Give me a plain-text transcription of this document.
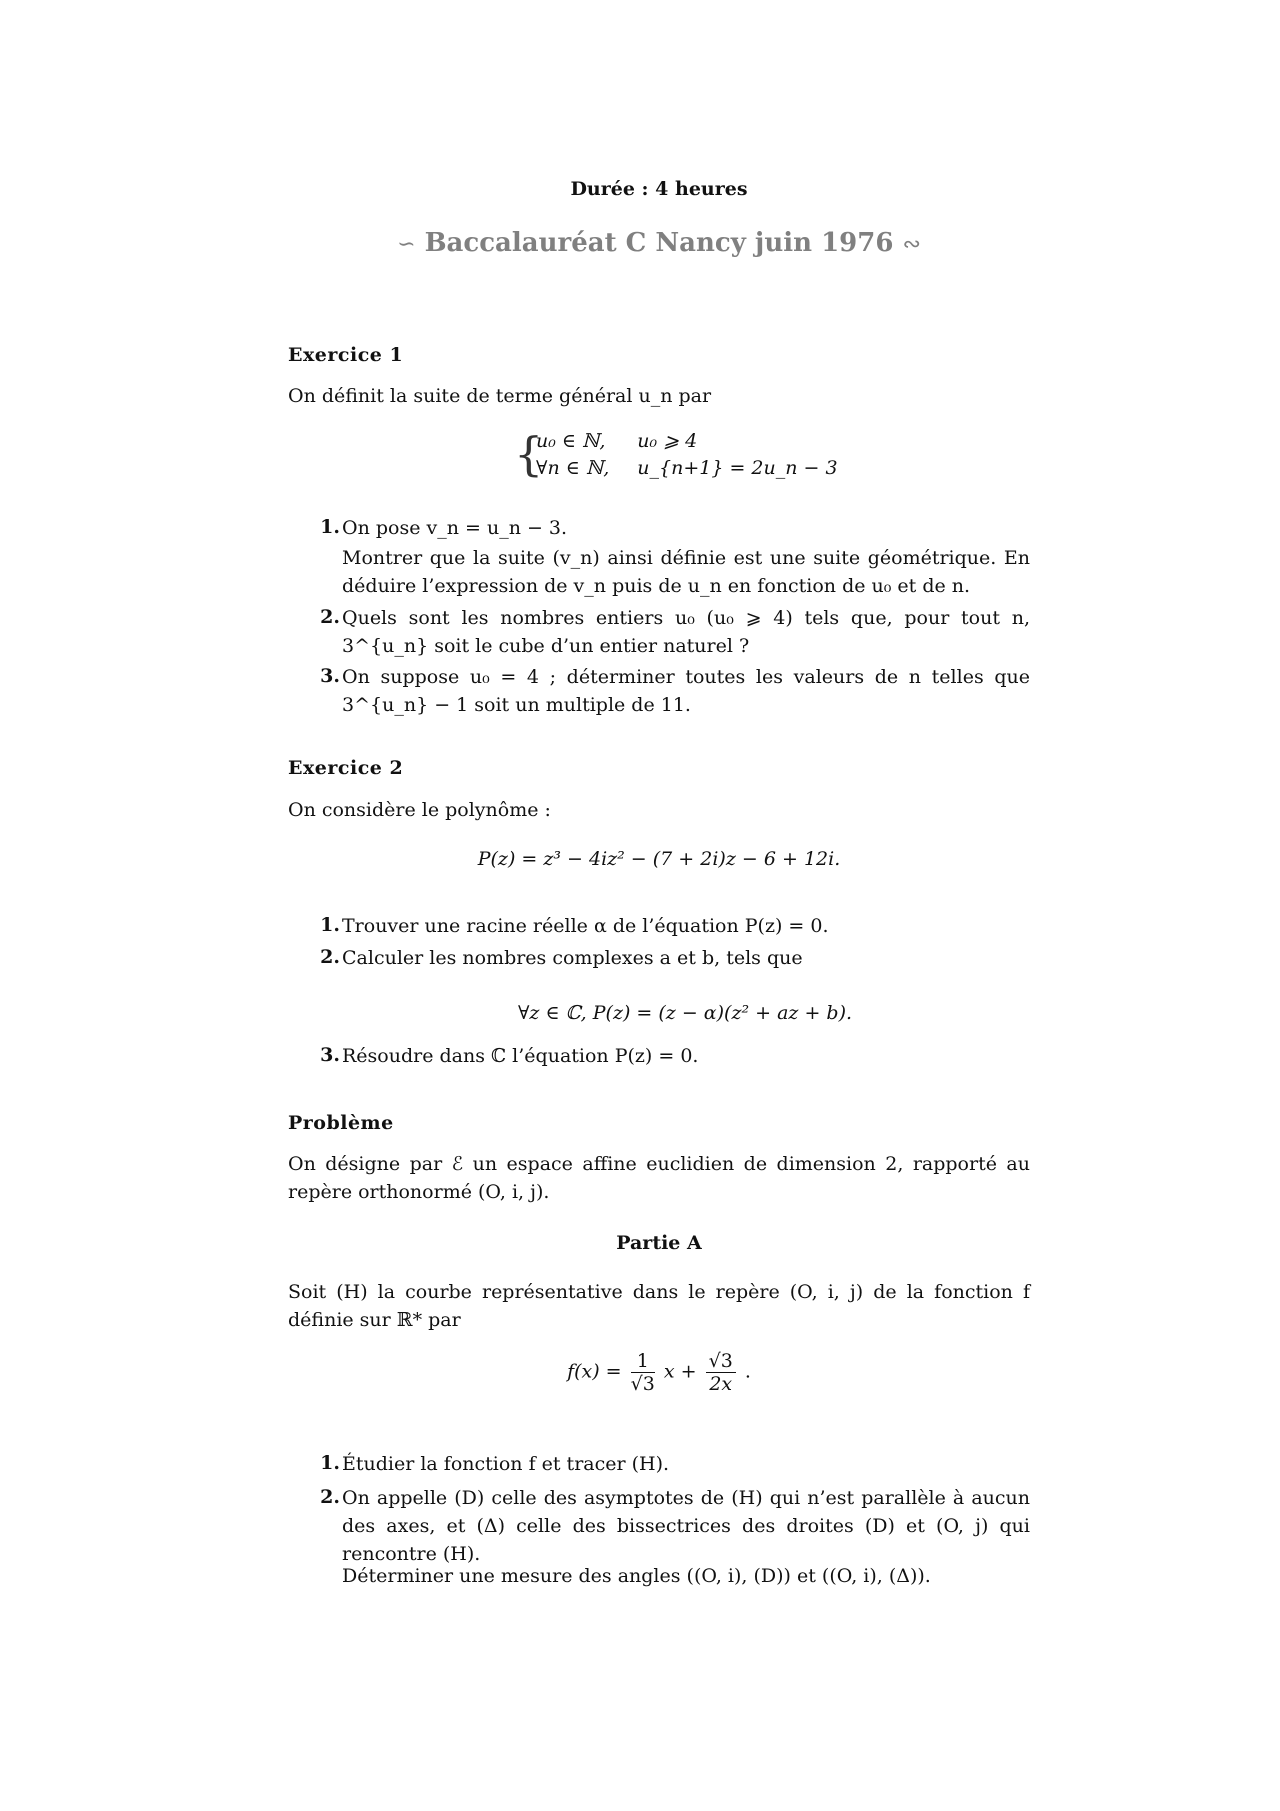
Durée : 4 heures
∽ Baccalauréat C Nancy juin 1976 ∾
Exercice 1
On définit la suite de terme général u_n par
{
u₀ ∈ ℕ,
∀n ∈ ℕ,
u₀ ⩾ 4
u_{n+1} = 2u_n − 3
1. On pose v_n = u_n − 3.
Montrer que la suite (v_n) ainsi définie est une suite géométrique. En déduire l’expression de v_n puis de u_n en fonction de u₀ et de n.
2. Quels sont les nombres entiers u₀ (u₀ ⩾ 4) tels que, pour tout n, 3^{u_n} soit le cube d’un entier naturel ?
3. On suppose u₀ = 4 ; déterminer toutes les valeurs de n telles que 3^{u_n} − 1 soit un multiple de 11.
Exercice 2
On considère le polynôme :
P(z) = z³ − 4iz² − (7 + 2i)z − 6 + 12i.
1. Trouver une racine réelle α de l’équation P(z) = 0.
2. Calculer les nombres complexes a et b, tels que
∀z ∈ ℂ, P(z) = (z − α)(z² + az + b).
3. Résoudre dans ℂ l’équation P(z) = 0.
Problème
On désigne par ℰ un espace affine euclidien de dimension 2, rapporté au repère orthonormé (O, i, j).
Partie A
Soit (H) la courbe représentative dans le repère (O, i, j) de la fonction f définie sur ℝ* par
$f(x) = \frac{1}{√3}$ $x + \frac{√3}{2x}$ .
1. Étudier la fonction f et tracer (H).
2. On appelle (D) celle des asymptotes de (H) qui n’est parallèle à aucun des axes, et (Δ) celle des bissectrices des droites (D) et (O, j) qui rencontre (H).
Déterminer une mesure des angles ((O, i), (D)) et ((O, i), (Δ)).
